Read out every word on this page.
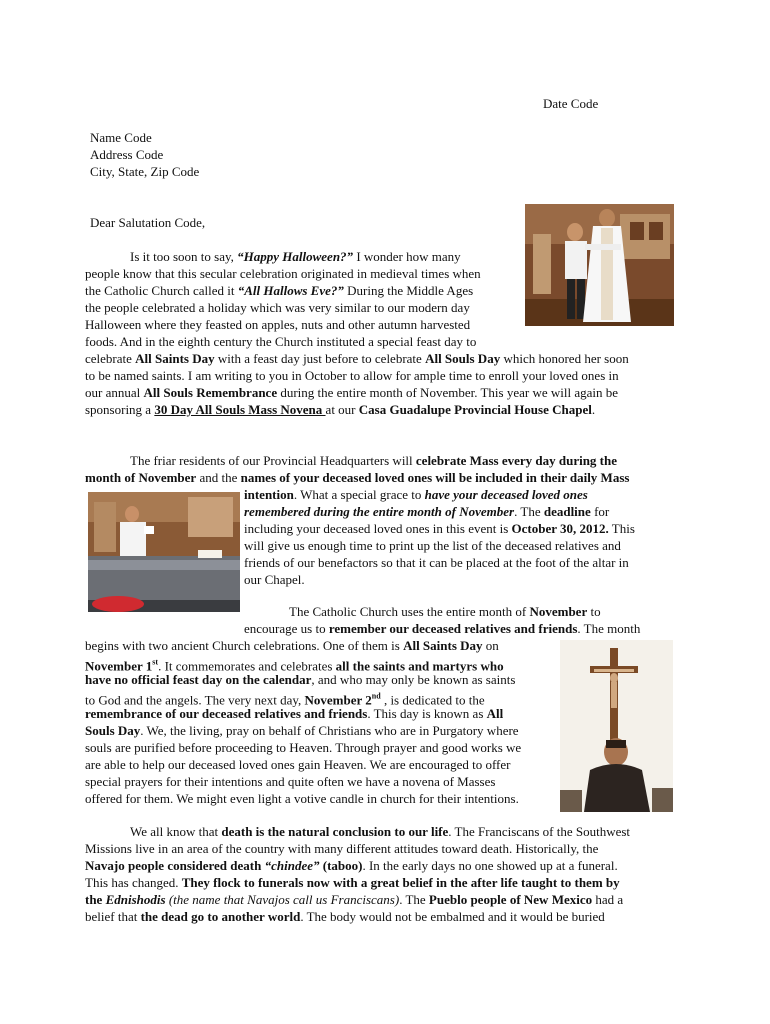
Date Code
Name Code
Address Code
City, State, Zip Code
Dear Salutation Code,
Is it too soon to say, “Happy Halloween?” I wonder how many
people know that this secular celebration originated in medieval times when
the Catholic Church called it “All Hallows Eve?” During the Middle Ages
the people celebrated a holiday which was very similar to our modern day
Halloween where they feasted on apples, nuts and other autumn harvested
foods. And in the eighth century the Church instituted a special feast day to
celebrate All Saints Day with a feast day just before to celebrate All Souls Day which honored her soon
to be named saints. I am writing to you in October to allow for ample time to enroll your loved ones in
our annual All Souls Remembrance during the entire month of November. This year we will again be
sponsoring a 30 Day All Souls Mass Novena at our Casa Guadalupe Provincial House Chapel.
The friar residents of our Provincial Headquarters will celebrate Mass every day during the
month of November and the names of your deceased loved ones will be included in their daily Mass
intention. What a special grace to have your deceased loved ones
remembered during the entire month of November. The deadline for
including your deceased loved ones in this event is October 30, 2012. This
will give us enough time to print up the list of the deceased relatives and
friends of our benefactors so that it can be placed at the foot of the altar in
our Chapel.
The Catholic Church uses the entire month of November to
encourage us to remember our deceased relatives and friends. The month
begins with two ancient Church celebrations. One of them is All Saints Day on
November 1st. It commemorates and celebrates all the saints and martyrs who
have no official feast day on the calendar, and who may only be known as saints
to God and the angels. The very next day, November 2nd , is dedicated to the
remembrance of our deceased relatives and friends. This day is known as All
Souls Day. We, the living, pray on behalf of Christians who are in Purgatory where
souls are purified before proceeding to Heaven. Through prayer and good works we
are able to help our deceased loved ones gain Heaven. We are encouraged to offer
special prayers for their intentions and quite often we have a novena of Masses
offered for them. We might even light a votive candle in church for their intentions.
We all know that death is the natural conclusion to our life. The Franciscans of the Southwest
Missions live in an area of the country with many different attitudes toward death. Historically, the
Navajo people considered death “chindee” (taboo). In the early days no one showed up at a funeral.
This has changed. They flock to funerals now with a great belief in the after life taught to them by
the Ednishodis (the name that Navajos call us Franciscans). The Pueblo people of New Mexico had a
belief that the dead go to another world. The body would not be embalmed and it would be buried
